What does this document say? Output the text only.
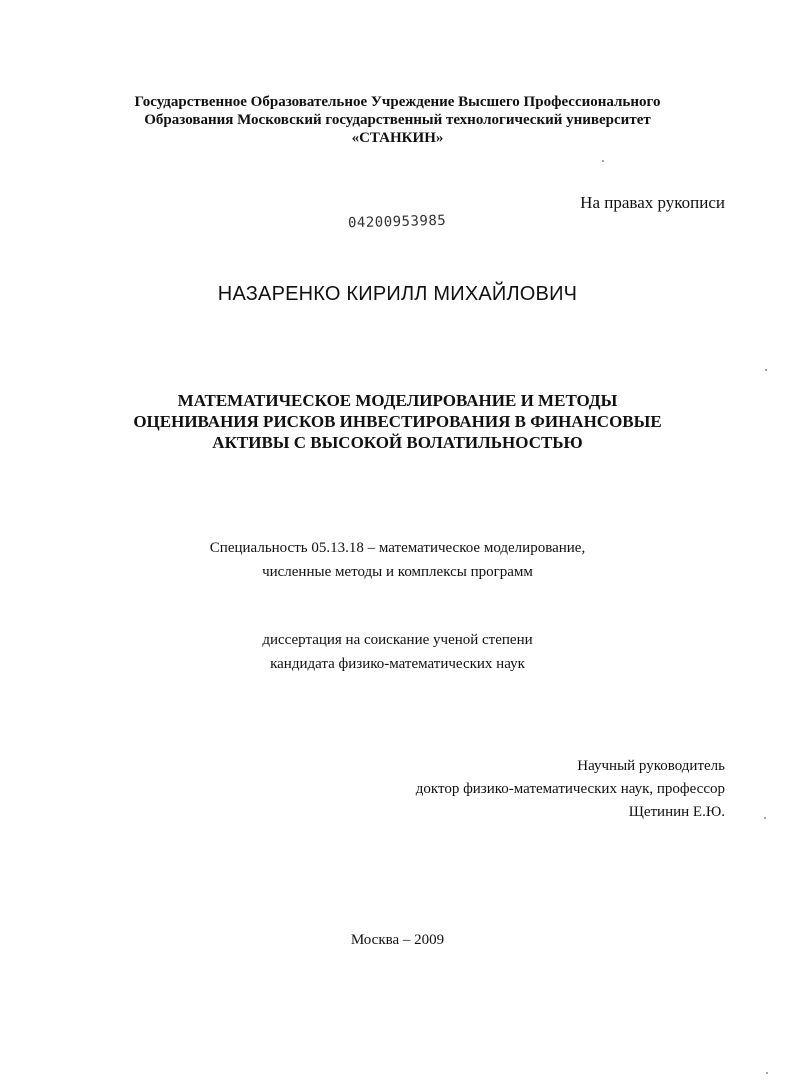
Государственное Образовательное Учреждение Высшего Профессионального
Образования Московский государственный технологический университет
«СТАНКИН»
На правах рукописи
04200953985
НАЗАРЕНКО КИРИЛЛ МИХАЙЛОВИЧ
МАТЕМАТИЧЕСКОЕ МОДЕЛИРОВАНИЕ И МЕТОДЫ
ОЦЕНИВАНИЯ РИСКОВ ИНВЕСТИРОВАНИЯ В ФИНАНСОВЫЕ
АКТИВЫ С ВЫСОКОЙ ВОЛАТИЛЬНОСТЬЮ
Специальность 05.13.18 – математическое моделирование,
численные методы и комплексы программ
диссертация на соискание ученой степени
кандидата физико-математических наук
Научный руководитель
доктор физико-математических наук, профессор
Щетинин Е.Ю.
Москва – 2009
